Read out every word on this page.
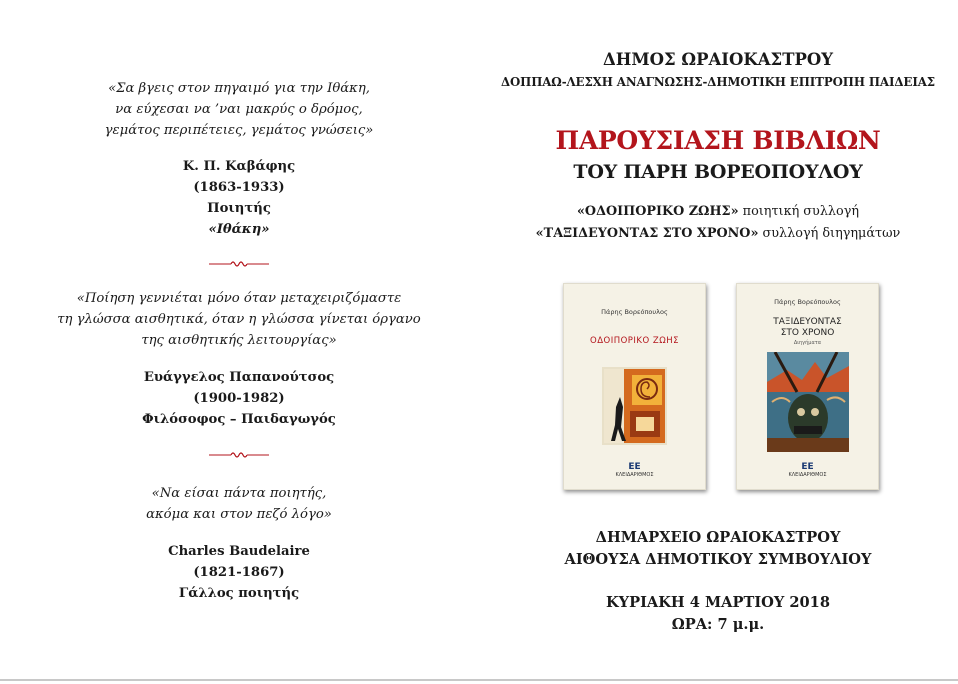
«Σα βγεις στον πηγαιμό για την Ιθάκη,
να εύχεσαι να ’ναι μακρύς ο δρόμος,
γεμάτος περιπέτειες, γεμάτος γνώσεις»
Κ. Π. Καβάφης
(1863-1933)
Ποιητής
«Ιθάκη»
«Ποίηση γεννιέται μόνο όταν μεταχειριζόμαστε
τη γλώσσα αισθητικά, όταν η γλώσσα γίνεται όργανο
της αισθητικής λειτουργίας»
Ευάγγελος Παπανούτσος
(1900-1982)
Φιλόσοφος – Παιδαγωγός
«Να είσαι πάντα ποιητής,
ακόμα και στον πεζό λόγο»
Charles Baudelaire
(1821-1867)
Γάλλος ποιητής
ΔΗΜΟΣ ΩΡΑΙΟΚΑΣΤΡΟΥ
ΔΟΠΠΑΩ-ΛΕΣΧΗ ΑΝΑΓΝΩΣΗΣ-ΔΗΜΟΤΙΚΗ ΕΠΙΤΡΟΠΗ ΠΑΙΔΕΙΑΣ
ΠΑΡΟΥΣΙΑΣΗ ΒΙΒΛΙΩΝ
ΤΟΥ ΠΑΡΗ ΒΟΡΕΟΠΟΥΛΟΥ
«ΟΔΟΙΠΟΡΙΚΟ ΖΩΗΣ» ποιητική συλλογή
«ΤΑΞΙΔΕΥΟΝΤΑΣ ΣΤΟ ΧΡΟΝΟ» συλλογή διηγημάτων
Πάρης Βορεόπουλος
ΟΔΟΙΠΟΡΙΚΟ ΖΩΗΣ
ΕΕ
ΚΛΕΙΔΑΡΙΘΜΟΣ
Πάρης Βορεόπουλος
ΤΑΞΙΔΕΥΟΝΤΑΣ
ΣΤΟ ΧΡΟΝΟ
Διηγήματα
ΕΕ
ΚΛΕΙΔΑΡΙΘΜΟΣ
ΔΗΜΑΡΧΕΙΟ ΩΡΑΙΟΚΑΣΤΡΟΥ
ΑΙΘΟΥΣΑ ΔΗΜΟΤΙΚΟΥ ΣΥΜΒΟΥΛΙΟΥ
ΚΥΡΙΑΚΗ 4 ΜΑΡΤΙΟΥ 2018
ΩΡΑ: 7 μ.μ.
